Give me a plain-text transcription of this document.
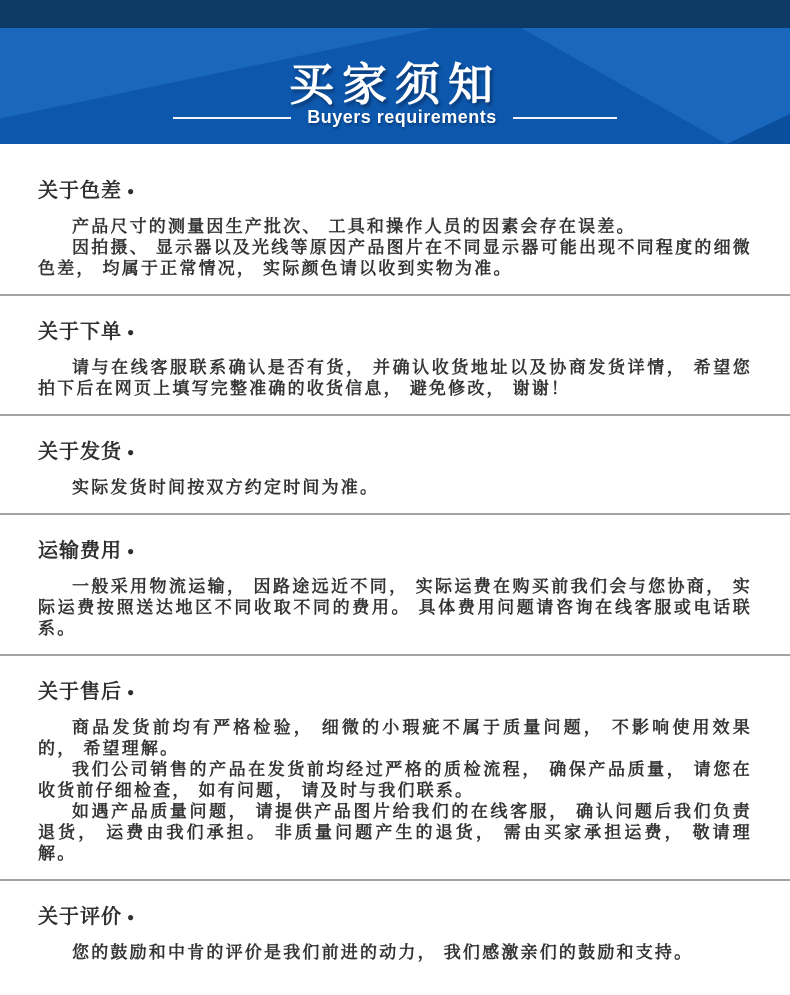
买家须知
Buyers requirements
关于色差 ●

产品尺寸的测量因生产批次、 工具和操作人员的因素会存在误差。

因拍摄、 显示器以及光线等原因产品图片在不同显示器可能出现不同程度的细微色差， 均属于正常情况， 实际颜色请以收到实物为准。

关于下单 ●

请与在线客服联系确认是否有货， 并确认收货地址以及协商发货详情， 希望您拍下后在网页上填写完整准确的收货信息， 避免修改， 谢谢！

关于发货 ●

实际发货时间按双方约定时间为准。

运输费用 ●

一般采用物流运输， 因路途远近不同， 实际运费在购买前我们会与您协商， 实际运费按照送达地区不同收取不同的费用。 具体费用问题请咨询在线客服或电话联系。

关于售后 ●

商品发货前均有严格检验， 细微的小瑕疵不属于质量问题， 不影响使用效果的， 希望理解。

我们公司销售的产品在发货前均经过严格的质检流程， 确保产品质量， 请您在收货前仔细检查， 如有问题， 请及时与我们联系。

如遇产品质量问题， 请提供产品图片给我们的在线客服， 确认问题后我们负责退货， 运费由我们承担。 非质量问题产生的退货， 需由买家承担运费， 敬请理解。

关于评价 ●

您的鼓励和中肯的评价是我们前进的动力， 我们感激亲们的鼓励和支持。
